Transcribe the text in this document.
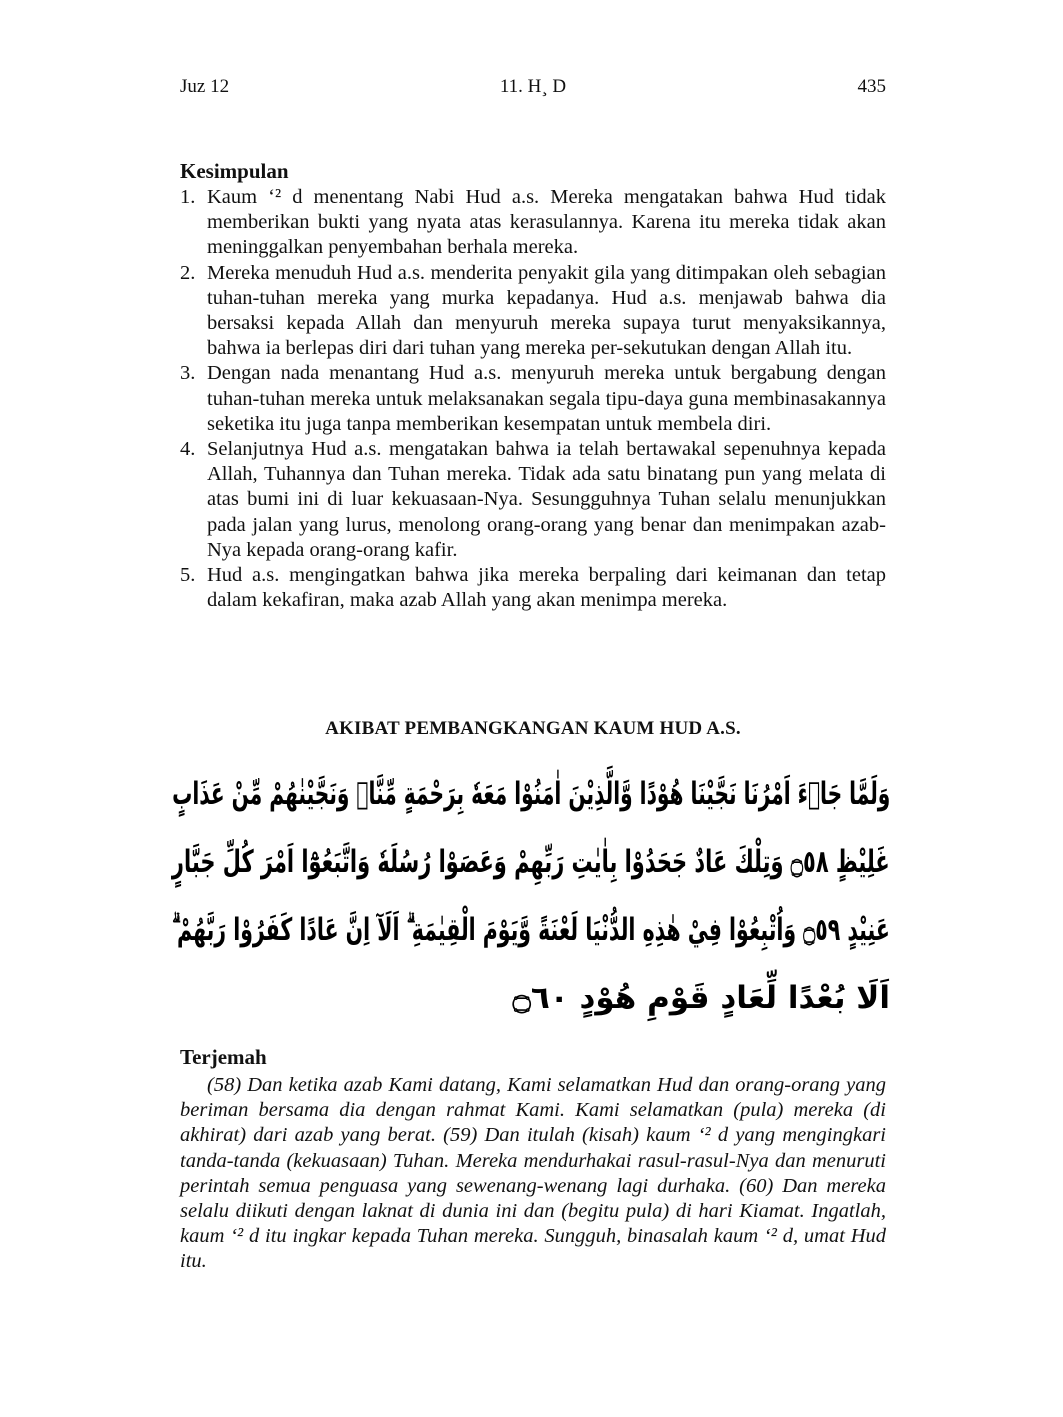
Juz 12	11. H¸ D	435
Kesimpulan
1. Kaum ‘² d menentang Nabi Hud a.s. Mereka mengatakan bahwa Hud tidak memberikan bukti yang nyata atas kerasulannya. Karena itu mereka tidak akan meninggalkan penyembahan berhala mereka.
2. Mereka menuduh Hud a.s. menderita penyakit gila yang ditimpakan oleh sebagian tuhan-tuhan mereka yang murka kepadanya. Hud a.s. menjawab bahwa dia bersaksi kepada Allah dan menyuruh mereka supaya turut menyaksikannya, bahwa ia berlepas diri dari tuhan yang mereka per-sekutukan dengan Allah itu.
3. Dengan nada menantang Hud a.s. menyuruh mereka untuk bergabung dengan tuhan-tuhan mereka untuk melaksanakan segala tipu-daya guna membinasakannya seketika itu juga tanpa memberikan kesempatan untuk membela diri.
4. Selanjutnya Hud a.s. mengatakan bahwa ia telah bertawakal sepenuhnya kepada Allah, Tuhannya dan Tuhan mereka. Tidak ada satu binatang pun yang melata di atas bumi ini di luar kekuasaan-Nya. Sesungguhnya Tuhan selalu menunjukkan pada jalan yang lurus, menolong orang-orang yang benar dan menimpakan azab-Nya kepada orang-orang kafir.
5. Hud a.s. mengingatkan bahwa jika mereka berpaling dari keimanan dan tetap dalam kekafiran, maka azab Allah yang akan menimpa mereka.
AKIBAT PEMBANGKANGAN KAUM HUD A.S.
وَلَمَّا جَاۤءَ اَمْرُنَا نَجَّيْنَا هُوْدًا وَّالَّذِيْنَ اٰمَنُوْا مَعَهٗ بِرَحْمَةٍ مِّنَّاۚ وَنَجَّيْنٰهُمْ مِّنْ عَذَابٍ
غَلِيْظٍ ۝٥٨ وَتِلْكَ عَادٌ جَحَدُوْا بِاٰيٰتِ رَبِّهِمْ وَعَصَوْا رُسُلَهٗ وَاتَّبَعُوْٓا اَمْرَ كُلِّ جَبَّارٍ
عَنِيْدٍ ۝٥٩ وَاُتْبِعُوْا فِيْ هٰذِهِ الدُّنْيَا لَعْنَةً وَّيَوْمَ الْقِيٰمَةِ ۗ اَلَآ اِنَّ عَادًا كَفَرُوْا رَبَّهُمْ ۗ
اَلَا بُعْدًا لِّعَادٍ قَوْمِ هُوْدٍ ۝٦٠
Terjemah

(58) Dan ketika azab Kami datang, Kami selamatkan Hud dan orang-orang yang beriman bersama dia dengan rahmat Kami. Kami selamatkan (pula) mereka (di akhirat) dari azab yang berat. (59) Dan itulah (kisah) kaum ‘² d yang mengingkari tanda-tanda (kekuasaan) Tuhan. Mereka mendurhakai rasul-rasul-Nya dan menuruti perintah semua penguasa yang sewenang-wenang lagi durhaka. (60) Dan mereka selalu diikuti dengan laknat di dunia ini dan (begitu pula) di hari Kiamat. Ingatlah, kaum ‘² d itu ingkar kepada Tuhan mereka. Sungguh, binasalah kaum ‘² d, umat Hud itu.
